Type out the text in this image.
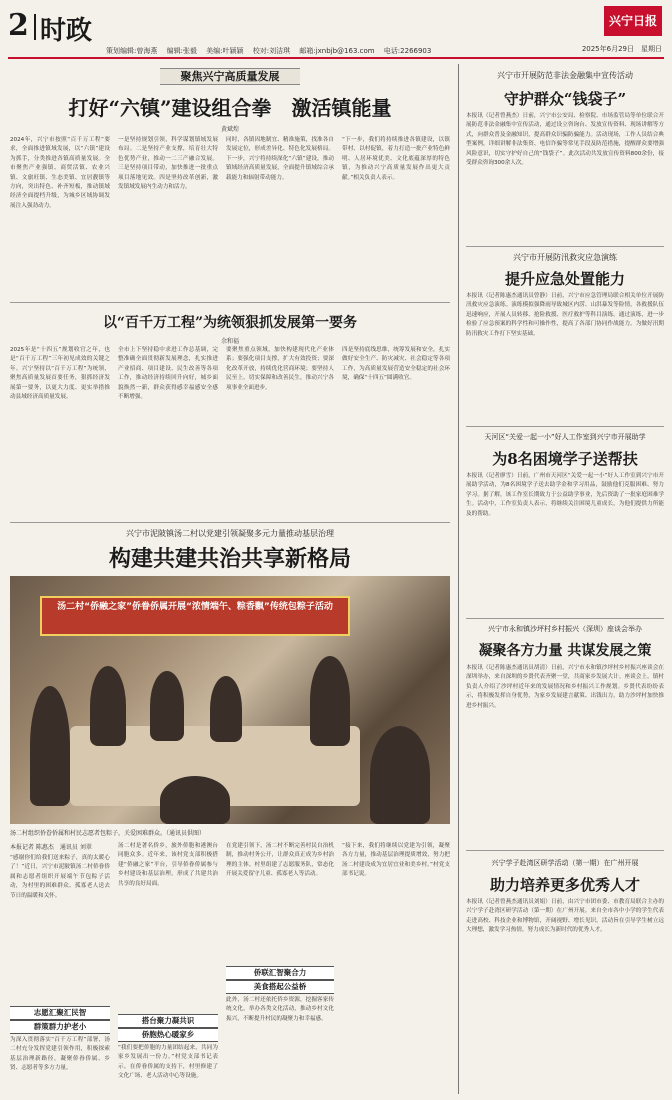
2 时政
策划编辑:曾海燕　 编辑:张毅　 美编:叶颖颖　 校对:刘洁琪　 邮箱:jxnbjb@163.com　 电话:2266903
兴宁日报
2025年6月29日　星期日
聚焦兴宁高质量发展
打好“六镇”建设组合拳　激活镇能量
黄斌煌
2024年，兴宁市按照“百千万工程”要求，全面推进镇域发展，以“六镇”建设为抓手，分类推进各镇高质量发展。全市聚焦产业强镇、商贸活镇、农业兴镇、文旅旺镇、生态美镇、宜居靓镇等方向，突出特色、补齐短板，推动镇域经济全面提档升级，为城乡区域协调发展注入强劲动力。
一是坚持规划引领，科学谋划镇域发展布局。二是坚持产业支撑，培育壮大特色优势产业，推动一二三产融合发展。三是坚持项目带动，加快推进一批重点项目落地见效。四是坚持改革创新，激发镇域发展内生动力和活力。
同时，各镇因地制宜、精准施策，找准各自发展定位，形成差异化、特色化发展格局。下一步，兴宁将持续深化“六镇”建设，推动镇域经济高质量发展，全面提升镇域综合承载能力和辐射带动能力。
“下一步，我们将持续推进各镇建设，以镇带村、以村促镇，着力打造一批产业特色鲜明、人居环境优美、文化底蕴深厚的特色镇，为推动兴宁高质量发展作出更大贡献。”相关负责人表示。
以“百千万工程”为统领狠抓发展第一要务
余和福
2025年是“十四五”规划收官之年，也是“百千万工程”三年初见成效的关键之年。兴宁坚持以“百千万工程”为统领，聚焦高质量发展首要任务，狠抓经济发展第一要务，以更大力度、更实举措推动县域经济高质量发展。
全市上下坚持稳中求进工作总基调，完整准确全面贯彻新发展理念，扎实推进产业招商、项目建设、民生改善等各项工作，推动经济持续回升向好，城乡面貌焕然一新，群众获得感幸福感安全感不断增强。
要聚焦重点领域，加快构建现代化产业体系；要强化项目支撑，扩大有效投资；要深化改革开放，持续优化营商环境；要坚持人民至上，切实保障和改善民生，推动兴宁各项事业全面进步。
四是坚持底线思维，统筹发展和安全，扎实做好安全生产、防灾减灾、社会稳定等各项工作，为高质量发展营造安全稳定的社会环境，确保“十四五”圆满收官。
兴宁市泥陂镇汤二村以党建引领凝聚多元力量推动基层治理
构建共建共治共享新格局
汤二村“侨融之家”侨眷侨属开展“浓情端午、粽香飘”传统包粽子活动
汤二村组织侨眷侨属和村民志愿者包粽子，关爱困难群众。（通讯员供图）
本报记者 陈惠杰　通讯员 刘翠
“感谢你们给我们送来粽子，真的太暖心了！”近日，兴宁市泥陂镇汤二村侨眷侨属和志愿者组织开展端午节包粽子活动，为村里的困难群众、孤寡老人送去节日的温暖和关怀。
志愿汇聚汇民智
群策群力护老小
为深入贯彻落实“百千万工程”部署，汤二村充分发挥党建引领作用，积极探索基层治理新路径，凝聚侨眷侨属、乡贤、志愿者等多方力量。
汤二村是著名侨乡，旅外侨胞和港澳台同胞众多。近年来，该村党支部积极搭建“侨融之家”平台，引导侨眷侨属参与乡村建设和基层治理，形成了共建共治共享的良好局面。
搭台聚力凝共识
侨胞热心暖家乡
“我们要把侨胞的力量团结起来，共同为家乡发展出一份力。”村党支部书记表示。在侨眷侨属的支持下，村里修建了文化广场、老人活动中心等设施。
在党建引领下，汤二村不断完善村民自治机制，推动村务公开，让群众真正成为乡村治理的主体。村里组建了志愿服务队，常态化开展关爱留守儿童、孤寡老人等活动。
侨联汇智聚合力
美食搭起公益桥
此外，汤二村还依托侨乡资源，挖掘客家传统文化，举办各类文化活动，推动乡村文化振兴，不断提升村民的凝聚力和幸福感。
“接下来，我们将继续以党建为引领，凝聚各方力量，推动基层治理提质增效，努力把汤二村建设成为宜居宜业和美乡村。”村党支部书记说。
兴宁市开展防范非法金融集中宣传活动
守护群众“钱袋子”
本报讯（记者曾燕杰）日前，兴宁市公安局、检察院、市场监管局等单位联合开展防范非法金融集中宣传活动，通过设立咨询台、发放宣传资料、现场讲解等方式，向群众普及金融知识，提高群众识骗防骗能力。活动现场，工作人员结合典型案例，详细讲解非法集资、电信诈骗等常见手段及防范措施，提醒群众要增强风险意识，切实守护好自己的“钱袋子”。此次活动共发放宣传资料800余份，接受群众咨询300余人次。
兴宁市开展防汛救灾应急演练
提升应急处置能力
本报讯（记者陈惠杰通讯员曾静）日前，兴宁市应急管理局联合相关单位开展防汛救灾应急演练。演练模拟强降雨导致城区内涝、山洪暴发等险情，各救援队伍迅速响应，开展人员转移、抢险救援、医疗救护等科目演练。通过演练，进一步检验了应急预案的科学性和可操作性，提高了各部门协同作战能力，为做好汛期防汛救灾工作打下坚实基础。
天河区“关爱一起一小”好人工作室到兴宁市开展助学
为8名困境学子送帮扶
本报讯（记者廖雪）日前，广州市天河区“关爱一起一小”好人工作室到兴宁市开展助学活动，为8名困境学子送去助学金和学习用品，鼓励他们克服困难、努力学习。据了解，该工作室长期致力于公益助学事业，先后资助了一批家庭困难学生。活动中，工作室负责人表示，将继续关注困境儿童成长，为他们提供力所能及的帮助。
兴宁市永和镇沙坪村乡村振兴（深圳）座谈会举办
凝聚各方力量 共谋发展之策
本报讯（记者陈惠杰通讯员胡清）日前，兴宁市永和镇沙坪村乡村振兴座谈会在深圳举办，来自深圳的乡贤代表齐聚一堂，共商家乡发展大计。座谈会上，镇村负责人介绍了沙坪村近年来的发展情况和乡村振兴工作规划。乡贤代表纷纷表示，将积极发挥自身优势，为家乡发展建言献策、出钱出力，助力沙坪村加快推进乡村振兴。
兴宁学子赴湾区研学活动（第一期）在广州开展
助力培养更多优秀人才
本报讯（记者曾燕杰通讯员刘娟）日前，由兴宁市团市委、市教育局联合主办的兴宁学子赴湾区研学活动（第一期）在广州开展。来自全市各中小学的学生代表走进高校、科技企业和博物馆，开阔视野、增长见识。活动旨在引导学生树立远大理想，激发学习热情，努力成长为新时代的优秀人才。
